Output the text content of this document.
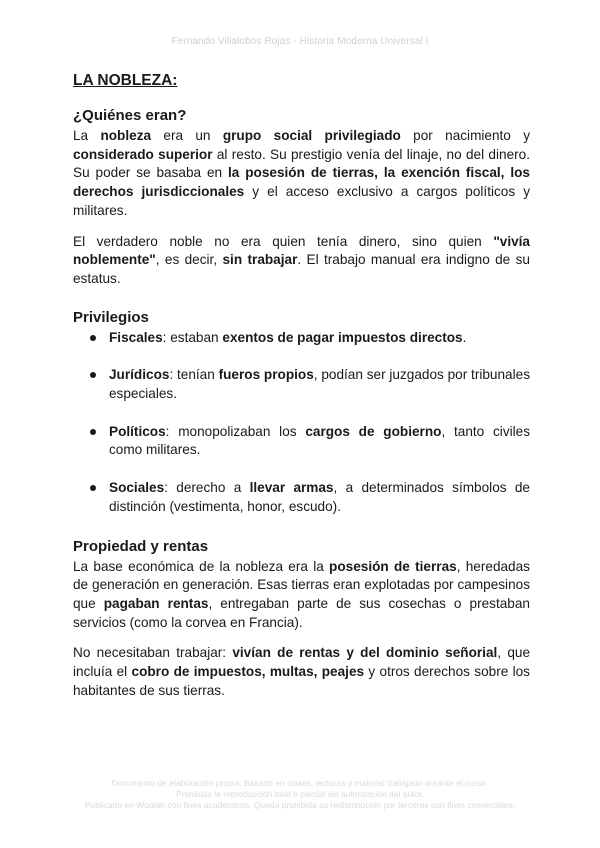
Fernando Villalobos Rojas - Historia Moderna Universal I
LA NOBLEZA:
¿Quiénes eran?

La nobleza era un grupo social privilegiado por nacimiento y considerado superior al resto. Su prestigio venía del linaje, no del dinero. Su poder se basaba en la posesión de tierras, la exención fiscal, los derechos jurisdiccionales y el acceso exclusivo a cargos políticos y militares.

El verdadero noble no era quien tenía dinero, sino quien "vivía noblemente", es decir, sin trabajar. El trabajo manual era indigno de su estatus.

Privilegios
Fiscales: estaban exentos de pagar impuestos directos.
Jurídicos: tenían fueros propios, podían ser juzgados por tribunales especiales.
Políticos: monopolizaban los cargos de gobierno, tanto civiles como militares.
Sociales: derecho a llevar armas, a determinados símbolos de distinción (vestimenta, honor, escudo).
Propiedad y rentas

La base económica de la nobleza era la posesión de tierras, heredadas de generación en generación. Esas tierras eran explotadas por campesinos que pagaban rentas, entregaban parte de sus cosechas o prestaban servicios (como la corvea en Francia).

No necesitaban trabajar: vivían de rentas y del dominio señorial, que incluía el cobro de impuestos, multas, peajes y otros derechos sobre los habitantes de sus tierras.

Documento de elaboración propia. Basado en clases, lecturas y material trabajado durante el curso.
Prohibida la reproducción total o parcial sin autorización del autor.
Publicado en Wuolah con fines académicos. Queda prohibida su redistribución por terceros con fines comerciales.
